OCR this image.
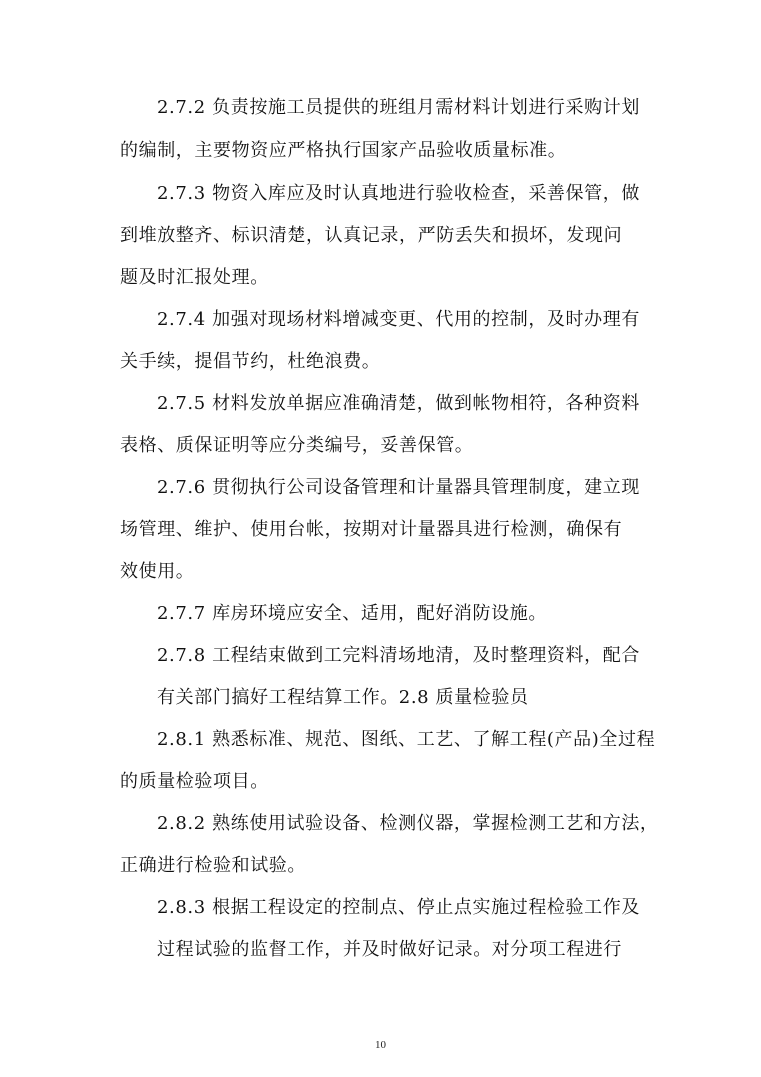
2.7.2 负责按施工员提供的班组月需材料计划进行采购计划
的编制，主要物资应严格执行国家产品验收质量标准。
2.7.3 物资入库应及时认真地进行验收检查，采善保管，做
到堆放整齐、标识清楚，认真记录，严防丢失和损坏，发现问
题及时汇报处理。
2.7.4 加强对现场材料增减变更、代用的控制，及时办理有
关手续，提倡节约，杜绝浪费。
2.7.5 材料发放单据应准确清楚，做到帐物相符，各种资料
表格、质保证明等应分类编号，妥善保管。
2.7.6 贯彻执行公司设备管理和计量器具管理制度，建立现
场管理、维护、使用台帐，按期对计量器具进行检测，确保有
效使用。
2.7.7 库房环境应安全、适用，配好消防设施。
2.7.8 工程结束做到工完料清场地清，及时整理资料，配合
有关部门搞好工程结算工作。2.8 质量检验员
2.8.1 熟悉标准、规范、图纸、工艺、了解工程(产品)全过程
的质量检验项目。
2.8.2 熟练使用试验设备、检测仪器，掌握检测工艺和方法，
正确进行检验和试验。
2.8.3 根据工程设定的控制点、停止点实施过程检验工作及
过程试验的监督工作，并及时做好记录。对分项工程进行
10
